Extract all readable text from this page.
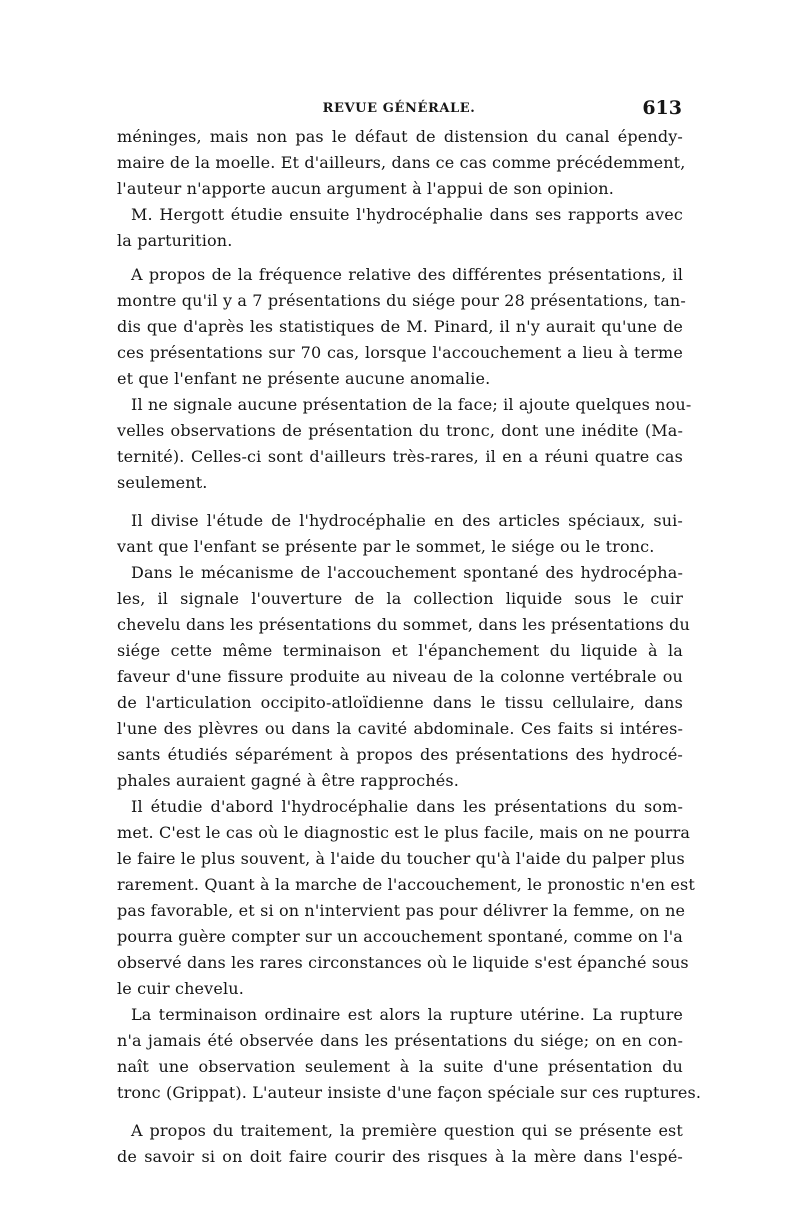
REVUE GÉNÉRALE.	613
méninges, mais non pas le défaut de distension du canal épendy-
maire de la moelle. Et d'ailleurs, dans ce cas comme précédemment,
l'auteur n'apporte aucun argument à l'appui de son opinion.
M. Hergott étudie ensuite l'hydrocéphalie dans ses rapports avec
la parturition.
A propos de la fréquence relative des différentes présentations, il
montre qu'il y a 7 présentations du siége pour 28 présentations, tan-
dis que d'après les statistiques de M. Pinard, il n'y aurait qu'une de
ces présentations sur 70 cas, lorsque l'accouchement a lieu à terme
et que l'enfant ne présente aucune anomalie.
Il ne signale aucune présentation de la face; il ajoute quelques nou-
velles observations de présentation du tronc, dont une inédite (Ma-
ternité). Celles-ci sont d'ailleurs très-rares, il en a réuni quatre cas
seulement.
Il divise l'étude de l'hydrocéphalie en des articles spéciaux, sui-
vant que l'enfant se présente par le sommet, le siége ou le tronc.
Dans le mécanisme de l'accouchement spontané des hydrocépha-
les, il signale l'ouverture de la collection liquide sous le cuir
chevelu dans les présentations du sommet, dans les présentations du
siége cette même terminaison et l'épanchement du liquide à la
faveur d'une fissure produite au niveau de la colonne vertébrale ou
de l'articulation occipito-atloïdienne dans le tissu cellulaire, dans
l'une des plèvres ou dans la cavité abdominale. Ces faits si intéres-
sants étudiés séparément à propos des présentations des hydrocé-
phales auraient gagné à être rapprochés.
Il étudie d'abord l'hydrocéphalie dans les présentations du som-
met. C'est le cas où le diagnostic est le plus facile, mais on ne pourra
le faire le plus souvent, à l'aide du toucher qu'à l'aide du palper plus
rarement. Quant à la marche de l'accouchement, le pronostic n'en est
pas favorable, et si on n'intervient pas pour délivrer la femme, on ne
pourra guère compter sur un accouchement spontané, comme on l'a
observé dans les rares circonstances où le liquide s'est épanché sous
le cuir chevelu.
La terminaison ordinaire est alors la rupture utérine. La rupture
n'a jamais été observée dans les présentations du siége; on en con-
naît une observation seulement à la suite d'une présentation du
tronc (Grippat). L'auteur insiste d'une façon spéciale sur ces ruptures.
A propos du traitement, la première question qui se présente est
de savoir si on doit faire courir des risques à la mère dans l'espé-
